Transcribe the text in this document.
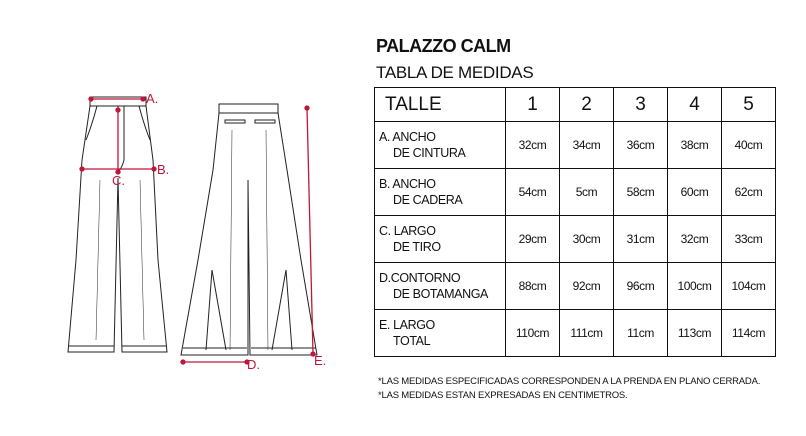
A.
B.
C.
D.	E.
PALAZZO CALM
TABLA DE MEDIDAS
TALLE	1	2	3	4	5
A. ANCHO
DE CINTURA	32cm	34cm	36cm	38cm	40cm
B. ANCHO
DE CADERA	54cm	5cm	58cm	60cm	62cm
C. LARGO
DE TIRO	29cm	30cm	31cm	32cm	33cm
D.CONTORNO
DE BOTAMANGA	88cm	92cm	96cm	100cm	104cm
E. LARGO
TOTAL	110cm	111cm	11cm	113cm	114cm
*LAS MEDIDAS ESPECIFICADAS CORRESPONDEN A LA PRENDA EN PLANO CERRADA.
*LAS MEDIDAS ESTAN EXPRESADAS EN CENTIMETROS.
